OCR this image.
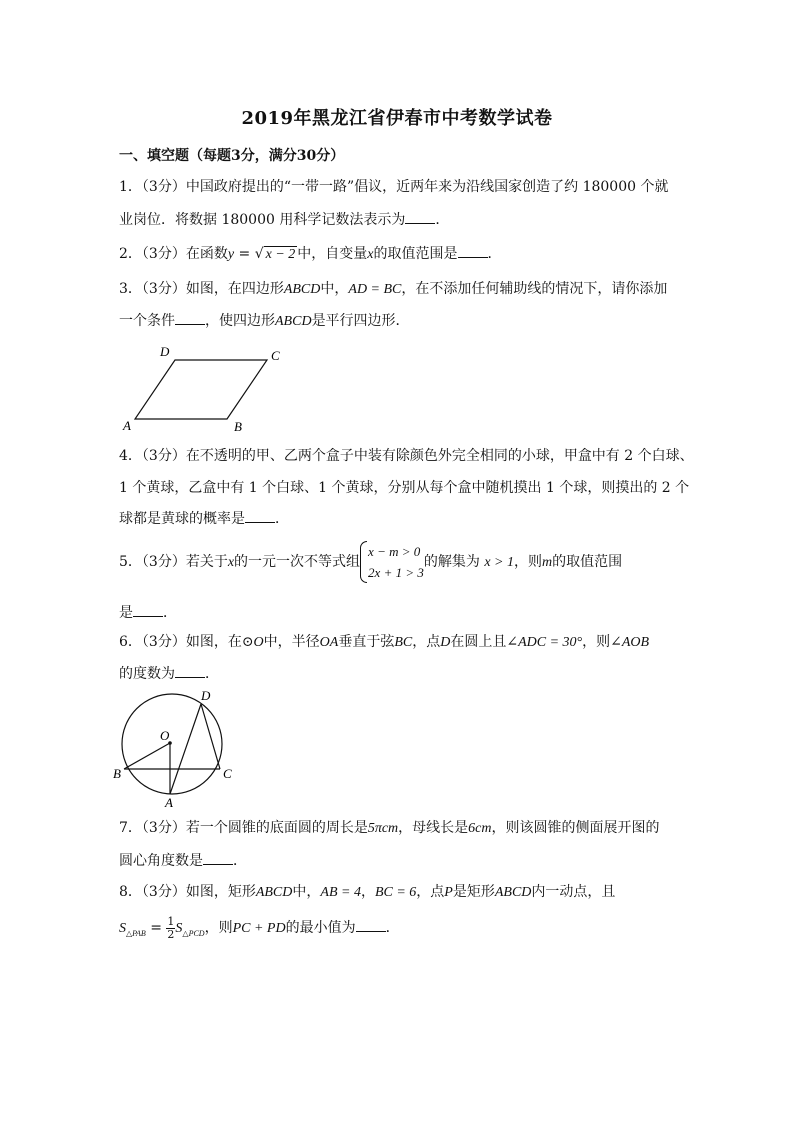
2019年黑龙江省伊春市中考数学试卷
一、填空题（每题3分，满分30分）
1．（3分）中国政府提出的“一带一路”倡议，近两年来为沿线国家创造了约 180000 个就
业岗位．将数据 180000 用科学记数法表示为 ．
2．（3分）在函数y = √ x − 2 中，自变量x的取值范围是 ．
3．（3分）如图，在四边形ABCD中，AD = BC，在不添加任何辅助线的情况下，请你添加
一个条件 ，使四边形ABCD是平行四边形．
A	B
C
D
4．（3分）在不透明的甲、乙两个盒子中装有除颜色外完全相同的小球，甲盒中有 2 个白球、
1 个黄球，乙盒中有 1 个白球、1 个黄球，分别从每个盒中随机摸出 1 个球，则摸出的 2 个
球都是黄球的概率是 ．
5．（3分）若关于x的一元一次不等式组
x − m > 0
2x + 1 > 3
的解集为 x > 1，则m的取值范围
是 ．
6．（3分）如图，在⊙O中，半径OA垂直于弦BC，点D在圆上且∠ADC = 30°，则∠AOB
的度数为 ．
O
A
B	C
D
7．（3分）若一个圆锥的底面圆的周长是5πcm，母线长是6cm，则该圆锥的侧面展开图的
圆心角度数是 ．
8．（3分）如图，矩形ABCD中，AB = 4，BC = 6，点P是矩形ABCD内一动点，且
$S_{\triangle PAB} = \frac{1}{2} S_{\triangle PCD}$，则PC + PD的最小值为 ．
